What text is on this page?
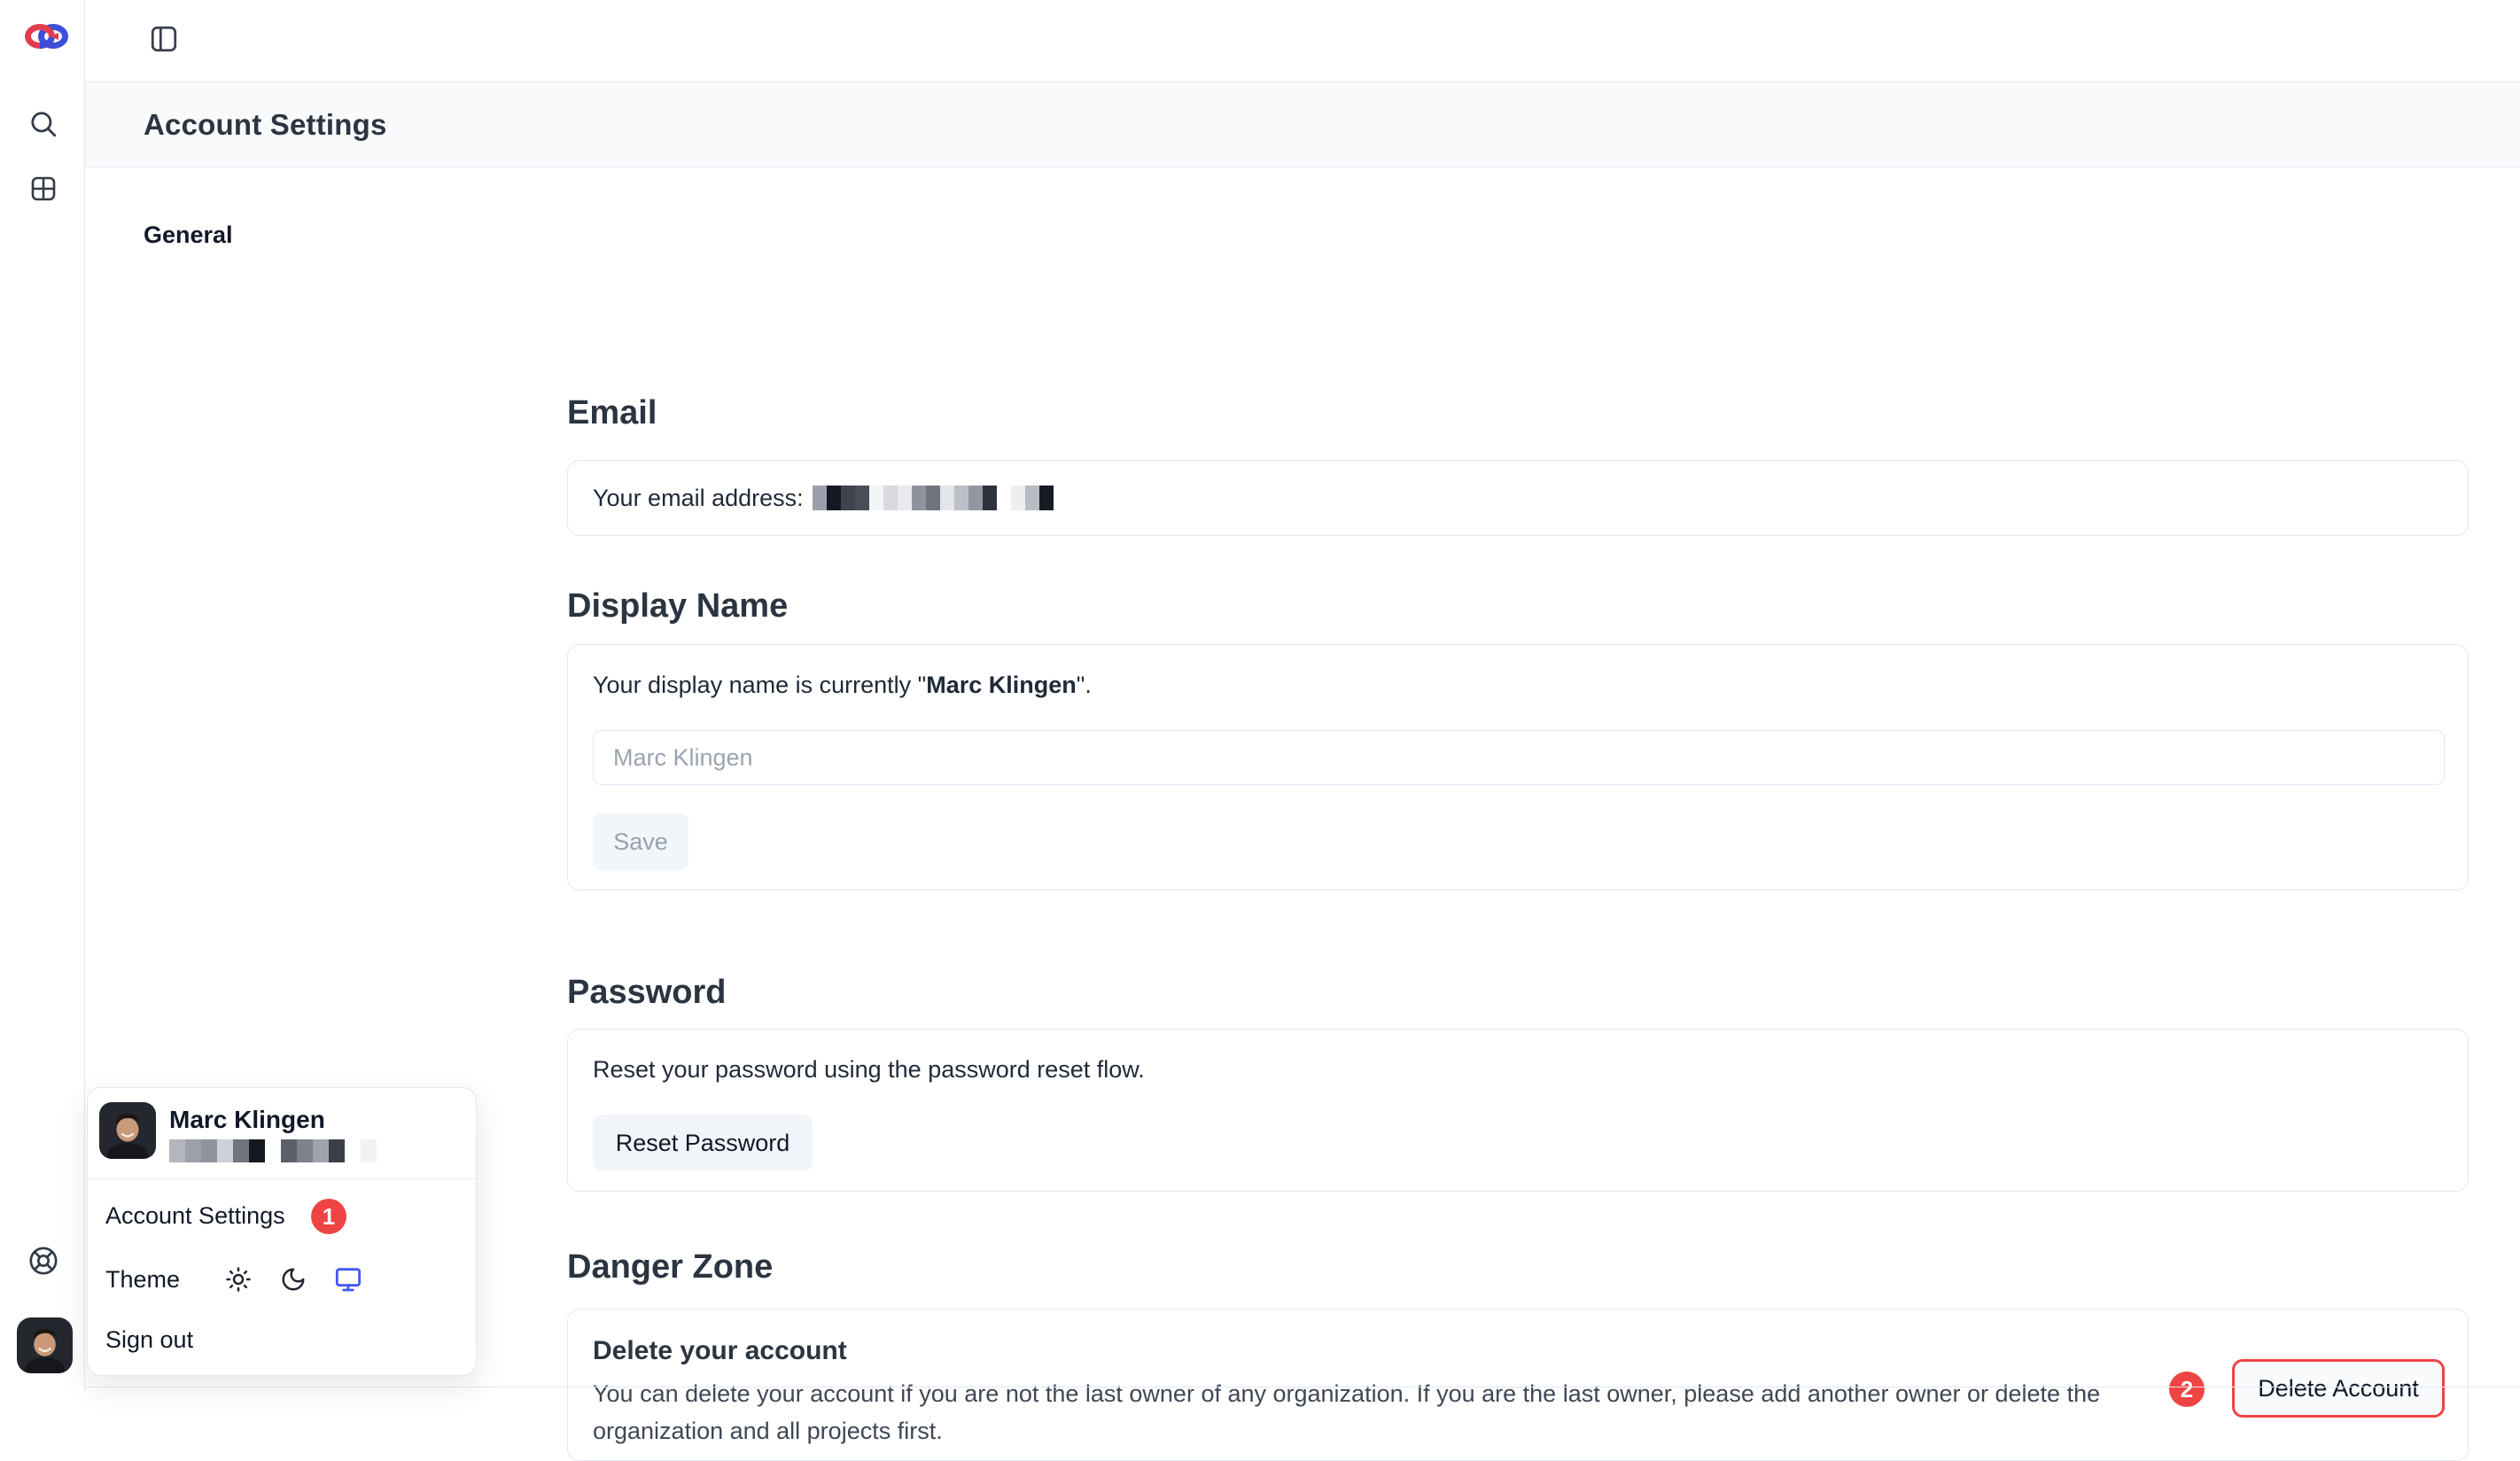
Account Settings
General
Email
Your email address:
Display Name
Your display name is currently "Marc Klingen".
Marc Klingen
Save
Password
Reset your password using the password reset flow.
Reset Password
Danger Zone
Delete your account
You can delete your account if you are not the last owner of any organization. If you are the last owner, please add another owner or delete the
organization and all projects first.
2	Delete Account
Marc Klingen
Account Settings	1
Theme
Sign out
